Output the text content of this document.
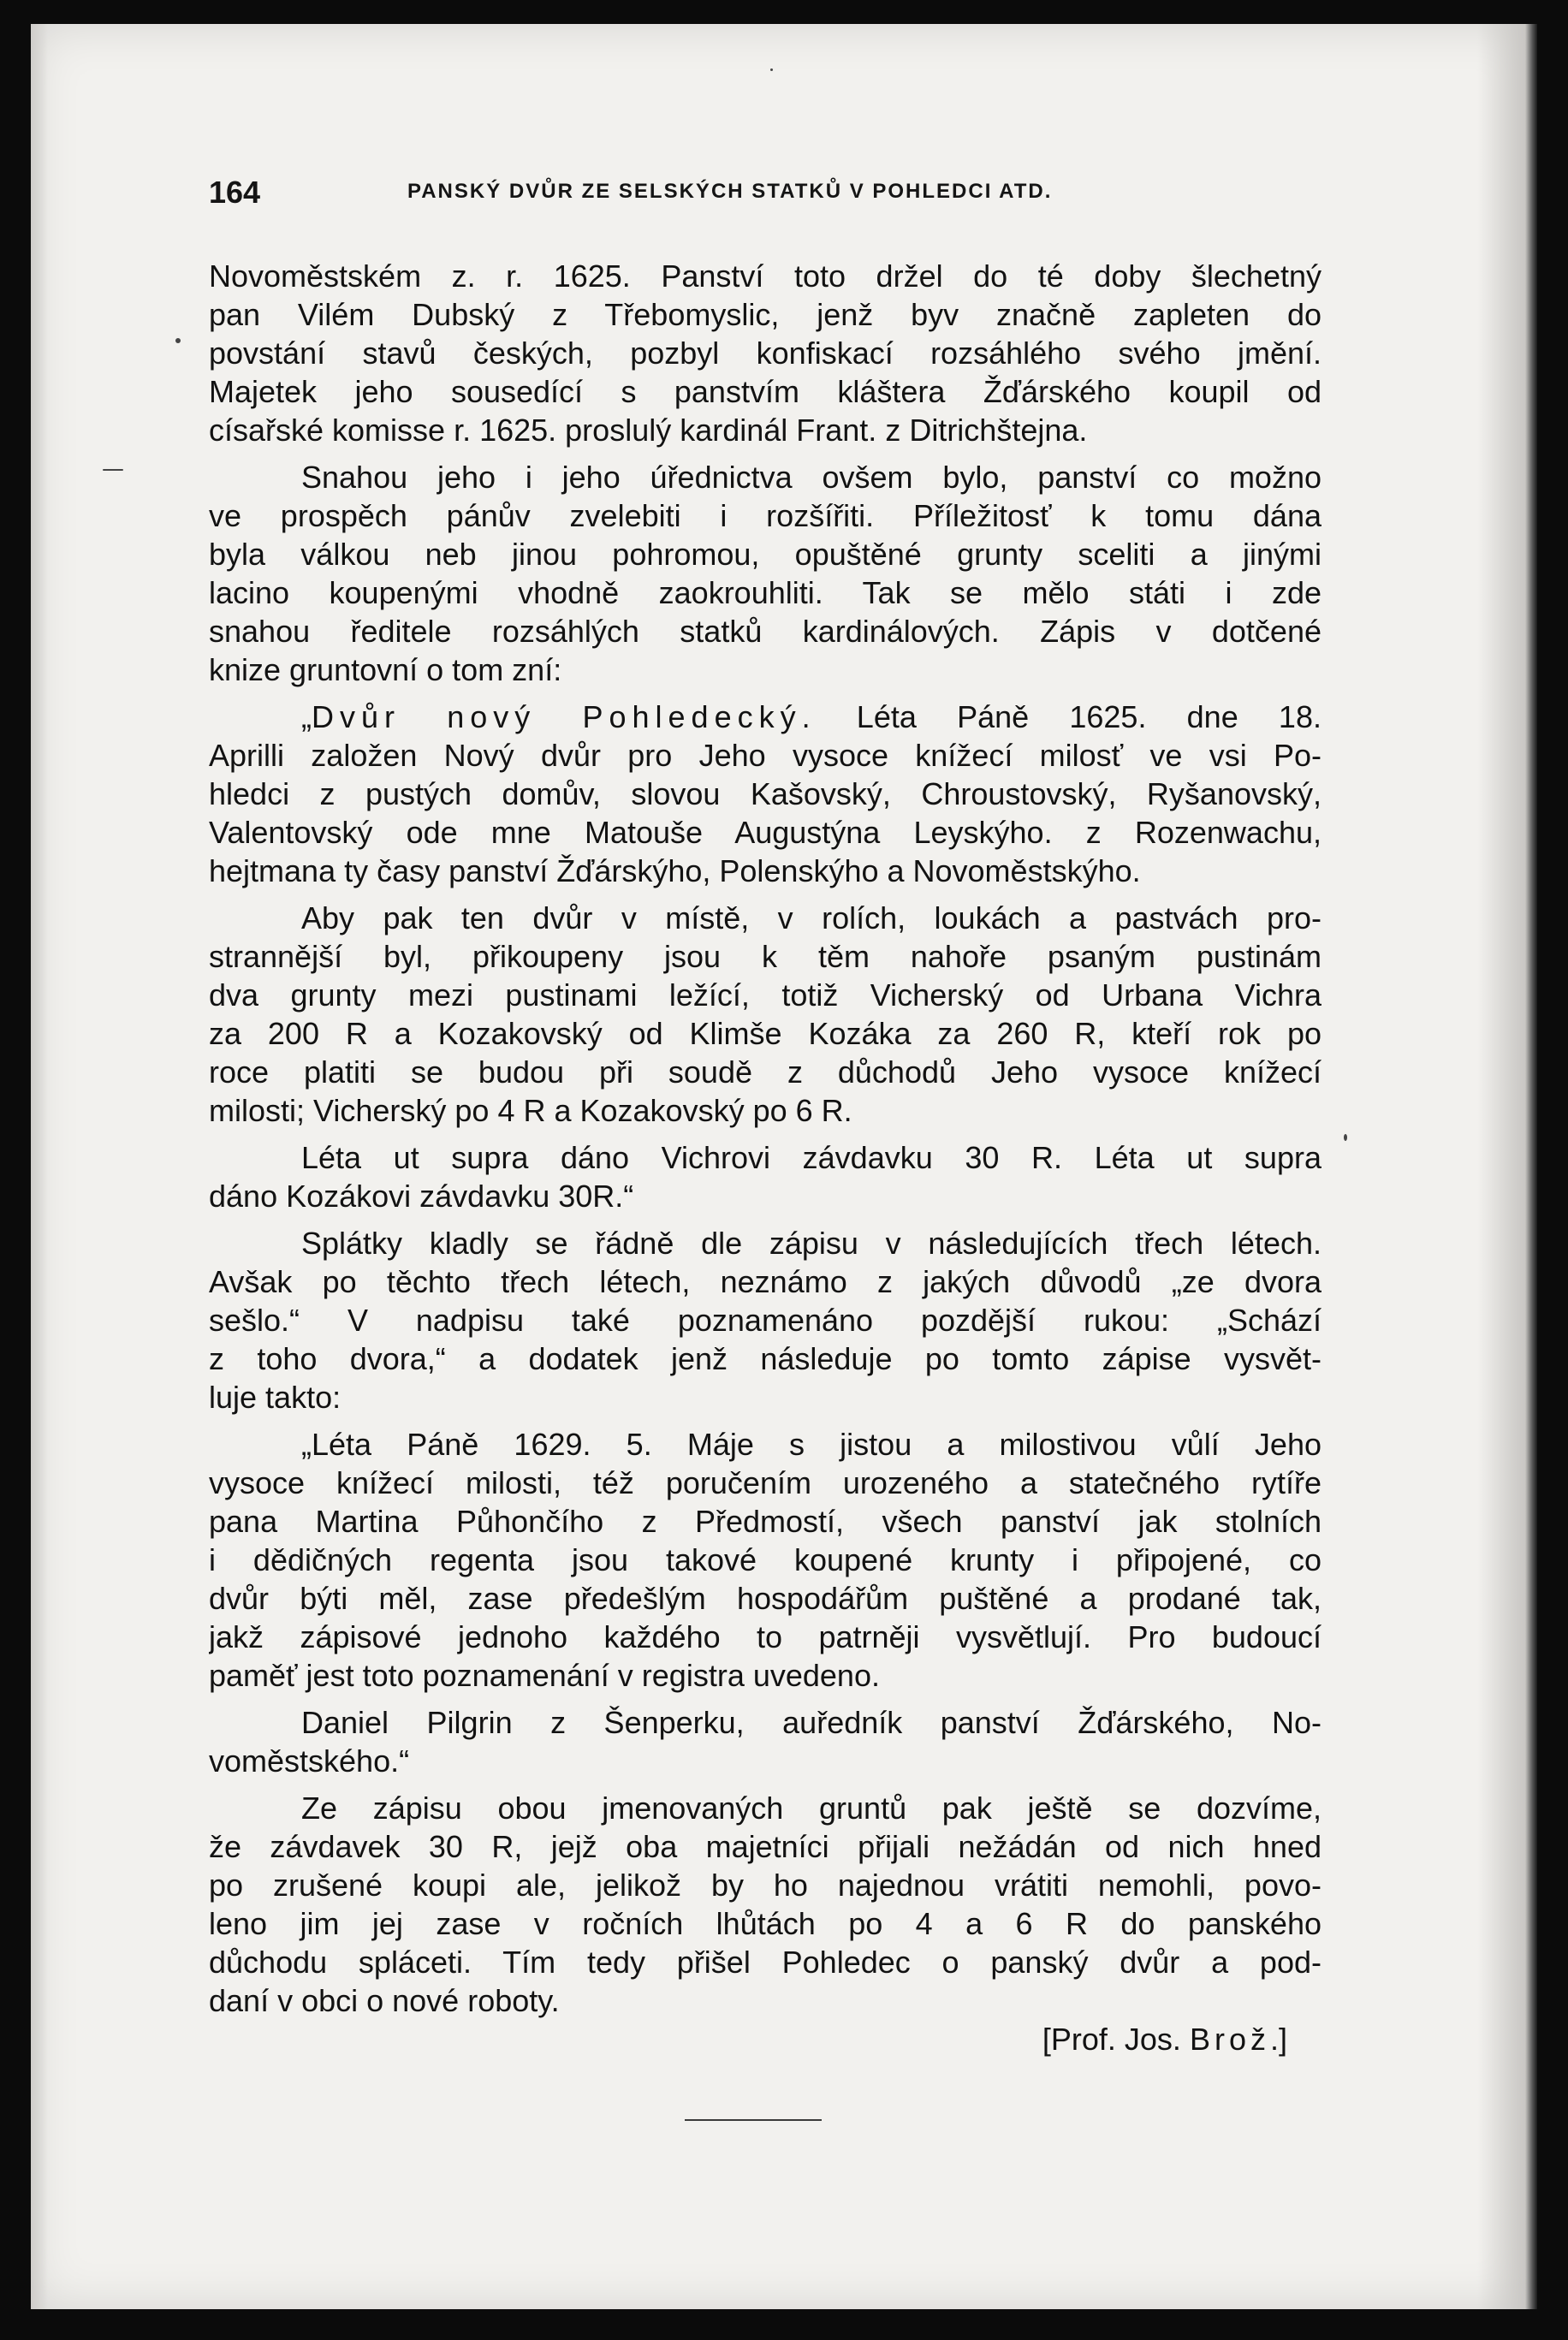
164	PANSKÝ DVŮR ZE SELSKÝCH STATKŮ V POHLEDCI ATD.
Novoměstském z. r. 1625. Panství toto držel do té doby šlechetný
pan Vilém Dubský z Třebomyslic, jenž byv značně zapleten do
povstání stavů českých, pozbyl konfiskací rozsáhlého svého jmění.
Majetek jeho sousedící s panstvím kláštera Žďárského koupil od
císařské komisse r. 1625. proslulý kardinál Frant. z Ditrichštejna.
Snahou jeho i jeho úřednictva ovšem bylo, panství co možno
ve prospěch pánův zvelebiti i rozšířiti. Příležitosť k tomu dána
byla válkou neb jinou pohromou, opuštěné grunty sceliti a jinými
lacino koupenými vhodně zaokrouhliti. Tak se mělo státi i zde
snahou ředitele rozsáhlých statků kardinálových. Zápis v dotčené
knize gruntovní o tom zní:
„Dvůr nový Pohledecký. Léta Páně 1625. dne 18.
Aprilli založen Nový dvůr pro Jeho vysoce knížecí milosť ve vsi Po-
hledci z pustých domův, slovou Kašovský, Chroustovský, Ryšanovský,
Valentovský ode mne Matouše Augustýna Leyskýho. z Rozenwachu,
hejtmana ty časy panství Žďárskýho, Polenskýho a Novoměstskýho.
Aby pak ten dvůr v místě, v rolích, loukách a pastvách pro-
strannější byl, přikoupeny jsou k těm nahoře psaným pustinám
dva grunty mezi pustinami ležící, totiž Vicherský od Urbana Vichra
za 200 R a Kozakovský od Klimše Kozáka za 260 R, kteří rok po
roce platiti se budou při soudě z důchodů Jeho vysoce knížecí
milosti; Vicherský po 4 R a Kozakovský po 6 R.
Léta ut supra dáno Vichrovi závdavku 30 R. Léta ut supra
dáno Kozákovi závdavku 30R.“
Splátky kladly se řádně dle zápisu v následujících třech létech.
Avšak po těchto třech létech, neznámo z jakých důvodů „ze dvora
sešlo.“ V nadpisu také poznamenáno pozdější rukou: „Schází
z toho dvora,“ a dodatek jenž následuje po tomto zápise vysvět-
luje takto:
„Léta Páně 1629. 5. Máje s jistou a milostivou vůlí Jeho
vysoce knížecí milosti, též poručením urozeného a statečného rytíře
pana Martina Půhončího z Předmostí, všech panství jak stolních
i dědičných regenta jsou takové koupené krunty i připojené, co
dvůr býti měl, zase předešlým hospodářům puštěné a prodané tak,
jakž zápisové jednoho každého to patrněji vysvětlují. Pro budoucí
paměť jest toto poznamenání v registra uvedeno.
Daniel Pilgrin z Šenperku, auředník panství Žďárského, No-
voměstského.“
Ze zápisu obou jmenovaných gruntů pak ještě se dozvíme,
že závdavek 30 R, jejž oba majetníci přijali nežádán od nich hned
po zrušené koupi ale, jelikož by ho najednou vrátiti nemohli, povo-
leno jim jej zase v ročních lhůtách po 4 a 6 R do panského
důchodu spláceti. Tím tedy přišel Pohledec o panský dvůr a pod-
daní v obci o nové roboty.
[Prof. Jos. Brož.]
